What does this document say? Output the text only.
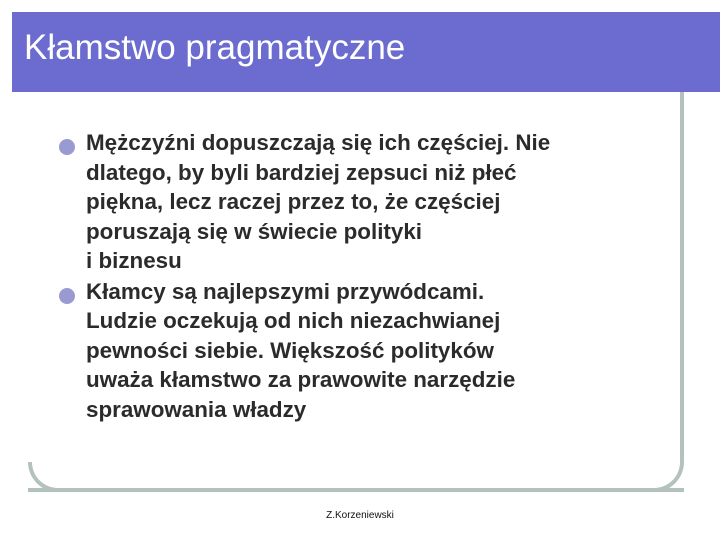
Kłamstwo pragmatyczne
Mężczyźni dopuszczają się ich częściej. Nie
dlatego, by byli bardziej zepsuci niż płeć
piękna, lecz raczej przez to, że częściej
poruszają się w świecie polityki
i biznesu
Kłamcy są najlepszymi przywódcami.
Ludzie oczekują od nich niezachwianej
pewności siebie. Większość polityków
uważa kłamstwo za prawowite narzędzie
sprawowania władzy
Z.Korzeniewski
